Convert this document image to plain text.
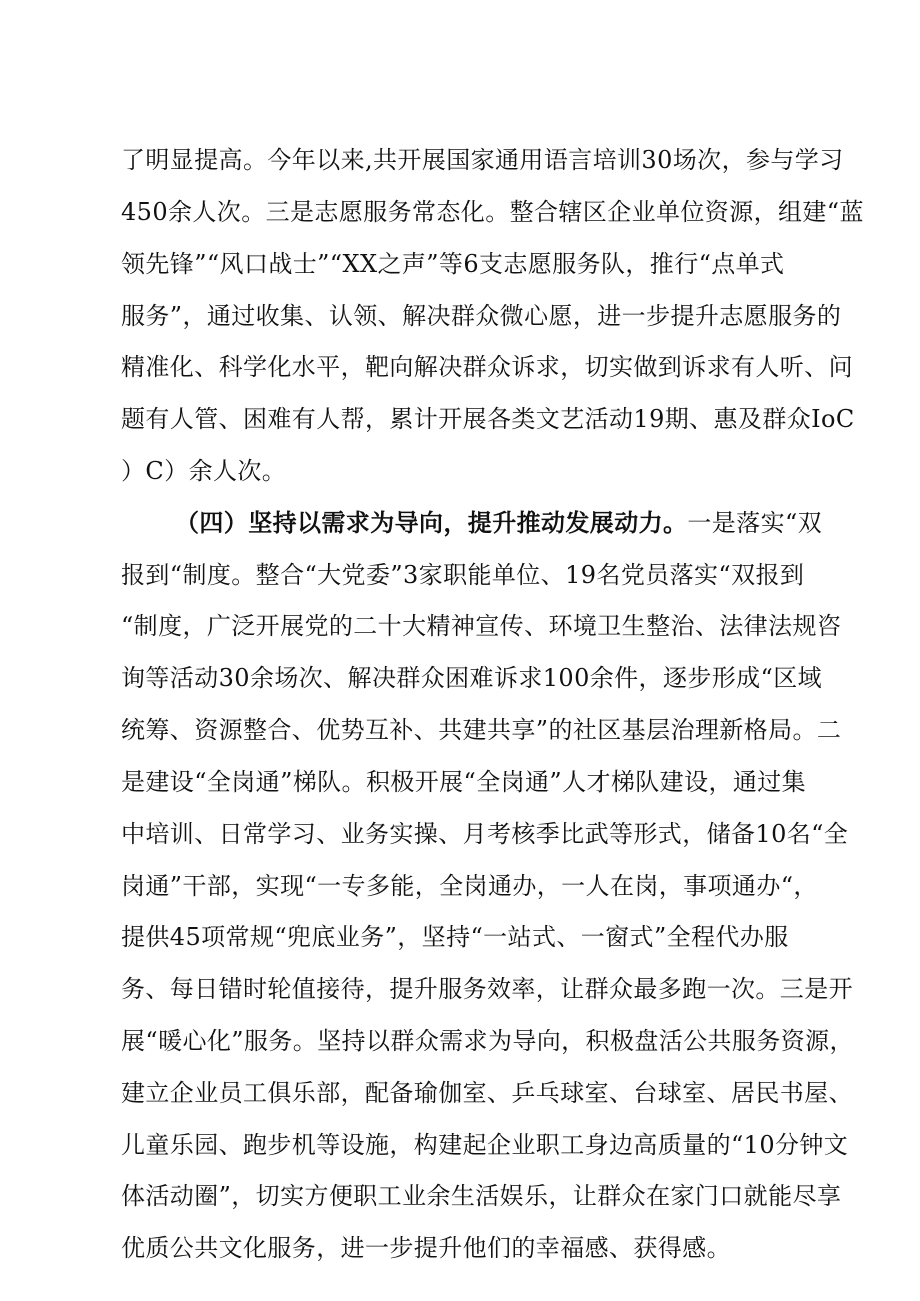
了明显提高。今年以来,共开展国家通用语言培训30场次，参与学习
450余人次。三是志愿服务常态化。整合辖区企业单位资源，组建“蓝
领先锋”“风口战士”“XX之声”等6支志愿服务队，推行“点单式
服务”，通过收集、认领、解决群众微心愿，进一步提升志愿服务的
精准化、科学化水平，靶向解决群众诉求，切实做到诉求有人听、问
题有人管、困难有人帮，累计开展各类文艺活动19期、惠及群众IoC
）C）余人次。
（四）坚持以需求为导向，提升推动发展动力。一是落实“双
报到“制度。整合“大党委”3家职能单位、19名党员落实“双报到
“制度，广泛开展党的二十大精神宣传、环境卫生整治、法律法规咨
询等活动30余场次、解决群众困难诉求100余件，逐步形成“区域
统筹、资源整合、优势互补、共建共享”的社区基层治理新格局。二
是建设“全岗通”梯队。积极开展“全岗通”人才梯队建设，通过集
中培训、日常学习、业务实操、月考核季比武等形式，储备10名“全
岗通”干部，实现“一专多能，全岗通办，一人在岗，事项通办“，
提供45项常规“兜底业务”，坚持“一站式、一窗式”全程代办服
务、每日错时轮值接待，提升服务效率，让群众最多跑一次。三是开
展“暖心化”服务。坚持以群众需求为导向，积极盘活公共服务资源，
建立企业员工俱乐部，配备瑜伽室、乒乓球室、台球室、居民书屋、
儿童乐园、跑步机等设施，构建起企业职工身边高质量的“10分钟文
体活动圈”，切实方便职工业余生活娱乐，让群众在家门口就能尽享
优质公共文化服务，进一步提升他们的幸福感、获得感。
